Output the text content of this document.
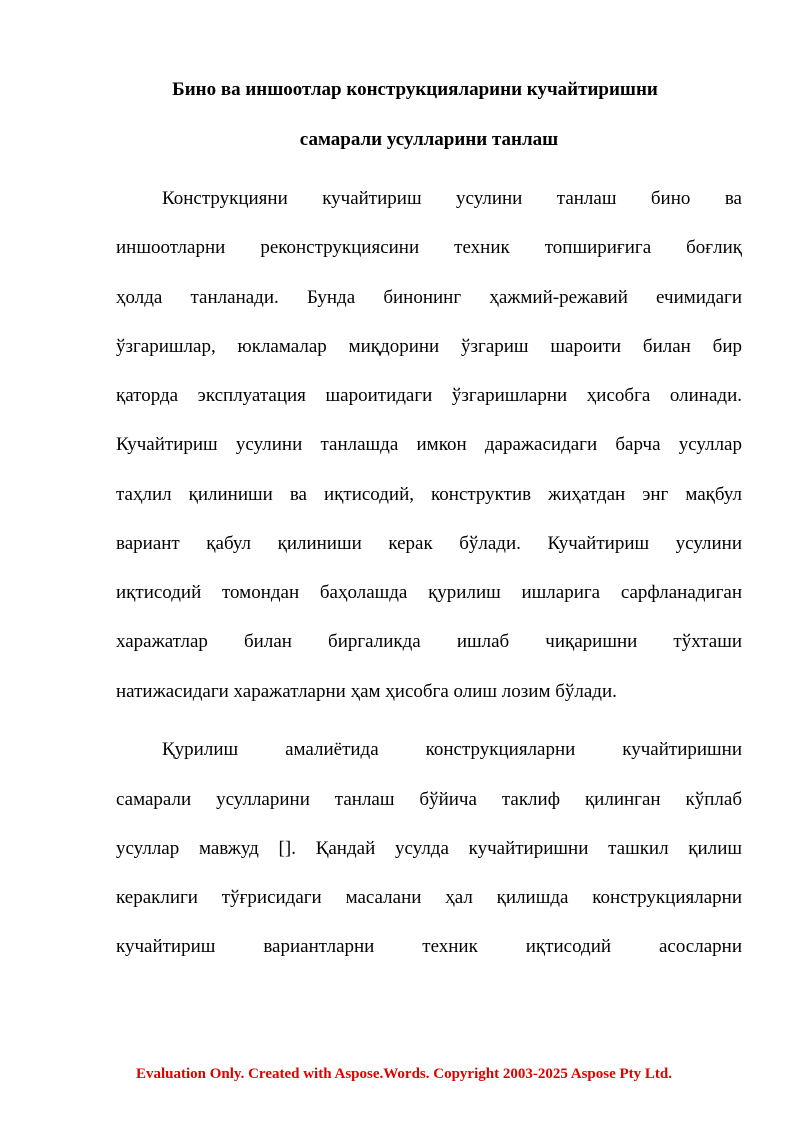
Бино ва иншоотлар конструкцияларини кучайтиришни
самарали усулларини танлаш
Конструкцияни кучайтириш усулини танлаш бино ва
иншоотларни реконструкциясини техник топшириғига боғлиқ
ҳолда танланади. Бунда бинонинг ҳажмий-режавий ечимидаги
ўзгаришлар, юкламалар миқдорини ўзгариш шароити билан бир
қаторда эксплуатация шароитидаги ўзгаришларни ҳисобга олинади.
Кучайтириш усулини танлашда имкон даражасидаги барча усуллар
таҳлил қилиниши ва иқтисодий, конструктив жиҳатдан энг мақбул
вариант қабул қилиниши керак бўлади. Кучайтириш усулини
иқтисодий томондан баҳолашда қурилиш ишларига сарфланадиган
харажатлар билан биргаликда ишлаб чиқаришни тўхташи
натижасидаги харажатларни ҳам ҳисобга олиш лозим бўлади.
Қурилиш амалиётида конструкцияларни кучайтиришни
самарали усулларини танлаш бўйича таклиф қилинган кўплаб
усуллар мавжуд []. Қандай усулда кучайтиришни ташкил қилиш
кераклиги тўғрисидаги масалани ҳал қилишда конструкцияларни
кучайтириш вариантларни техник иқтисодий асосларни
Evaluation Only. Created with Aspose.Words. Copyright 2003-2025 Aspose Pty Ltd.
